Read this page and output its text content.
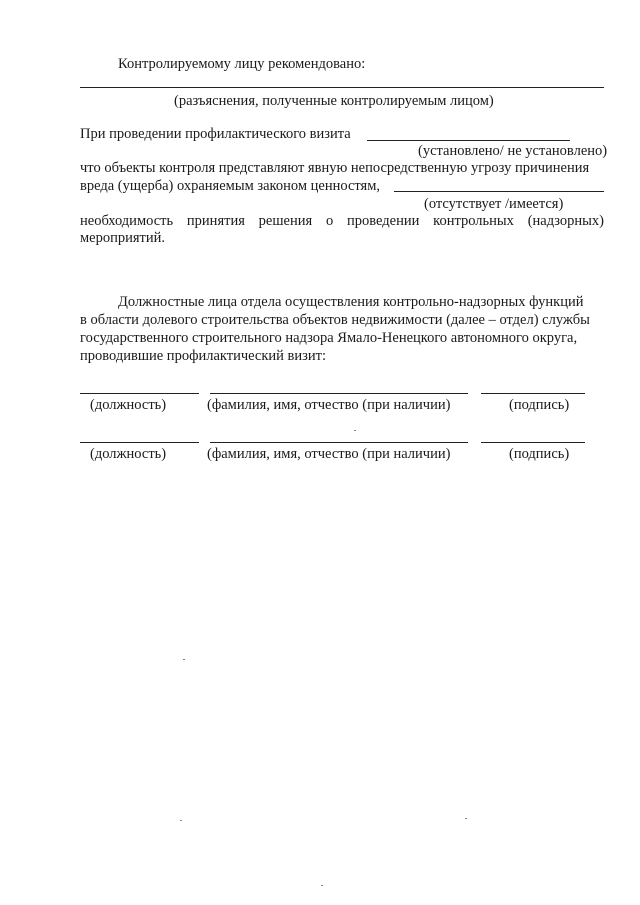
Контролируемому лицу рекомендовано:
(разъяснения, полученные контролируемым лицом)
При проведении профилактического визита
(установлено/ не установлено)
что объекты контроля представляют явную непосредственную угрозу причинения
вреда (ущерба) охраняемым законом ценностям,
(отсутствует /имеется)
необходимость принятия решения о проведении контрольных (надзорных)
мероприятий.
Должностные лица отдела осуществления контрольно-надзорных функций
в области долевого строительства объектов недвижимости (далее – отдел) службы
государственного строительного надзора Ямало-Ненецкого автономного округа,
проводившие профилактический визит:
(должность)	(фамилия, имя, отчество (при наличии)	(подпись)
(должность)	(фамилия, имя, отчество (при наличии)	(подпись)
